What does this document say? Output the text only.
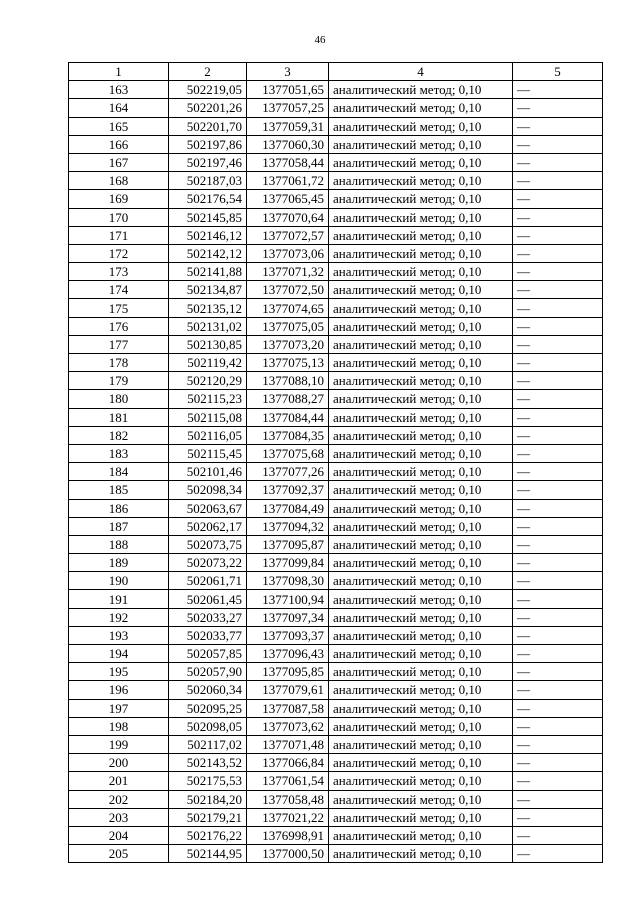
46
1	2	3	4	5
163	502219,05	1377051,65	аналитический метод; 0,10	—
164	502201,26	1377057,25	аналитический метод; 0,10	—
165	502201,70	1377059,31	аналитический метод; 0,10	—
166	502197,86	1377060,30	аналитический метод; 0,10	—
167	502197,46	1377058,44	аналитический метод; 0,10	—
168	502187,03	1377061,72	аналитический метод; 0,10	—
169	502176,54	1377065,45	аналитический метод; 0,10	—
170	502145,85	1377070,64	аналитический метод; 0,10	—
171	502146,12	1377072,57	аналитический метод; 0,10	—
172	502142,12	1377073,06	аналитический метод; 0,10	—
173	502141,88	1377071,32	аналитический метод; 0,10	—
174	502134,87	1377072,50	аналитический метод; 0,10	—
175	502135,12	1377074,65	аналитический метод; 0,10	—
176	502131,02	1377075,05	аналитический метод; 0,10	—
177	502130,85	1377073,20	аналитический метод; 0,10	—
178	502119,42	1377075,13	аналитический метод; 0,10	—
179	502120,29	1377088,10	аналитический метод; 0,10	—
180	502115,23	1377088,27	аналитический метод; 0,10	—
181	502115,08	1377084,44	аналитический метод; 0,10	—
182	502116,05	1377084,35	аналитический метод; 0,10	—
183	502115,45	1377075,68	аналитический метод; 0,10	—
184	502101,46	1377077,26	аналитический метод; 0,10	—
185	502098,34	1377092,37	аналитический метод; 0,10	—
186	502063,67	1377084,49	аналитический метод; 0,10	—
187	502062,17	1377094,32	аналитический метод; 0,10	—
188	502073,75	1377095,87	аналитический метод; 0,10	—
189	502073,22	1377099,84	аналитический метод; 0,10	—
190	502061,71	1377098,30	аналитический метод; 0,10	—
191	502061,45	1377100,94	аналитический метод; 0,10	—
192	502033,27	1377097,34	аналитический метод; 0,10	—
193	502033,77	1377093,37	аналитический метод; 0,10	—
194	502057,85	1377096,43	аналитический метод; 0,10	—
195	502057,90	1377095,85	аналитический метод; 0,10	—
196	502060,34	1377079,61	аналитический метод; 0,10	—
197	502095,25	1377087,58	аналитический метод; 0,10	—
198	502098,05	1377073,62	аналитический метод; 0,10	—
199	502117,02	1377071,48	аналитический метод; 0,10	—
200	502143,52	1377066,84	аналитический метод; 0,10	—
201	502175,53	1377061,54	аналитический метод; 0,10	—
202	502184,20	1377058,48	аналитический метод; 0,10	—
203	502179,21	1377021,22	аналитический метод; 0,10	—
204	502176,22	1376998,91	аналитический метод; 0,10	—
205	502144,95	1377000,50	аналитический метод; 0,10	—
